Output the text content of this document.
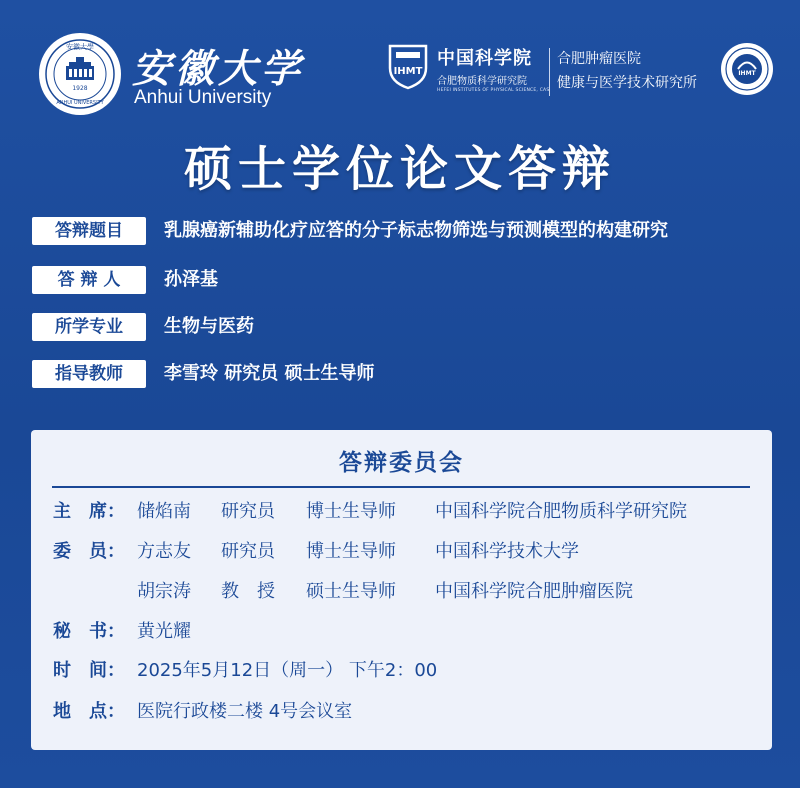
1928
安徽大學
ANHUI UNIVERSITY
安徽大学
Anhui University
IHMT
中国科学院
合肥物质科学研究院
HEFEI INSTITUTES OF PHYSICAL SCIENCE, CAS
合肥肿瘤医院
健康与医学技术研究所
IHMT
硕士学位论文答辩
答辩题目	乳腺癌新辅助化疗应答的分子标志物筛选与预测模型的构建研究
答 辩 人	孙泽基
所学专业	生物与医药
指导教师	李雪玲 研究员 硕士生导师
答辩委员会
主　席： 储焰南 研究员 博士生导师 中国科学院合肥物质科学研究院
委　员： 方志友 研究员 博士生导师 中国科学技术大学
胡宗涛 教　授 硕士生导师 中国科学院合肥肿瘤医院
秘　书： 黄光耀
时　间： 2025年5月12日（周一） 下午2：00
地　点： 医院行政楼二楼 4号会议室
